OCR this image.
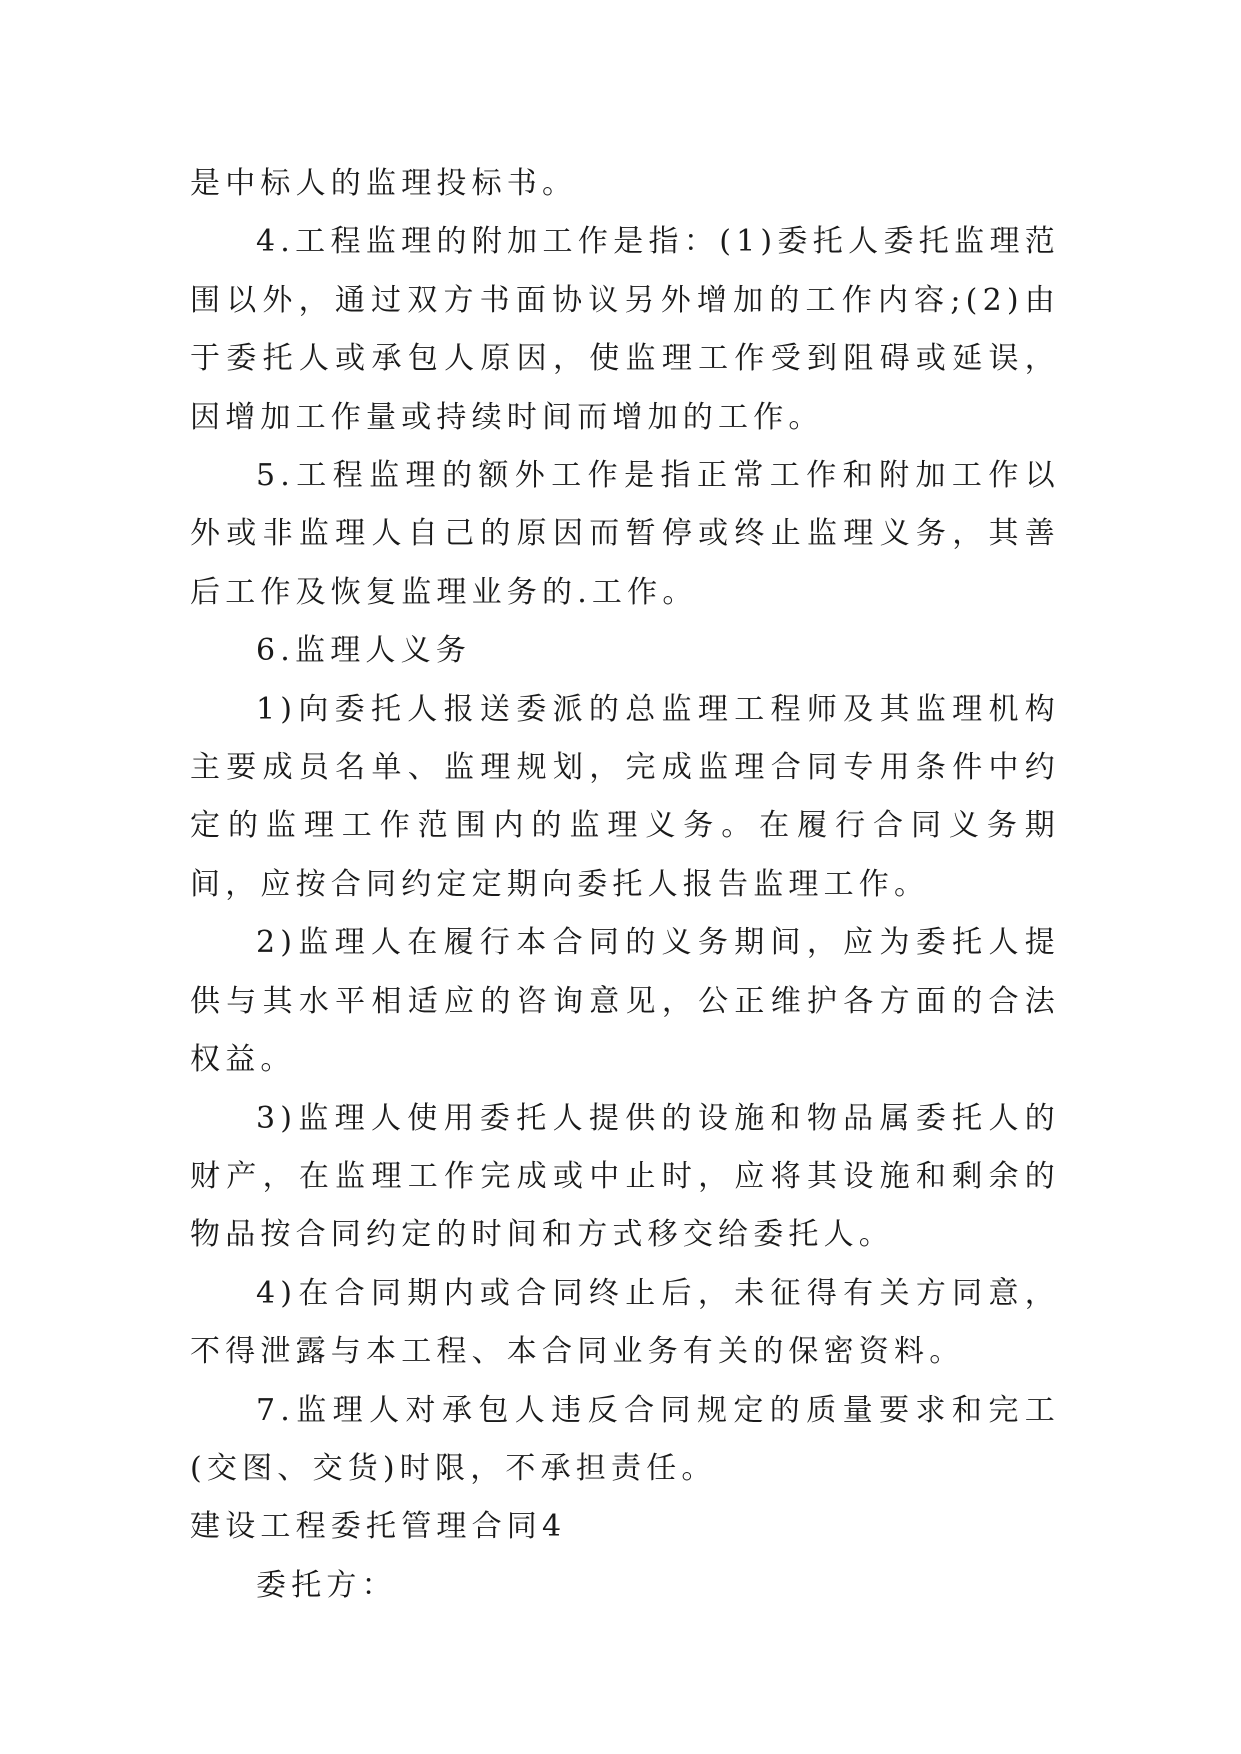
是中标人的监理投标书。

4.工程监理的附加工作是指：(1)委托人委托监理范围以外，通过双方书面协议另外增加的工作内容;(2)由于委托人或承包人原因，使监理工作受到阻碍或延误，因增加工作量或持续时间而增加的工作。

5.工程监理的额外工作是指正常工作和附加工作以外或非监理人自己的原因而暂停或终止监理义务，其善后工作及恢复监理业务的.工作。

6.监理人义务

1)向委托人报送委派的总监理工程师及其监理机构主要成员名单、监理规划，完成监理合同专用条件中约定的监理工作范围内的监理义务。在履行合同义务期间，应按合同约定定期向委托人报告监理工作。

2)监理人在履行本合同的义务期间，应为委托人提供与其水平相适应的咨询意见，公正维护各方面的合法权益。

3)监理人使用委托人提供的设施和物品属委托人的财产，在监理工作完成或中止时，应将其设施和剩余的物品按合同约定的时间和方式移交给委托人。

4)在合同期内或合同终止后，未征得有关方同意，不得泄露与本工程、本合同业务有关的保密资料。

7.监理人对承包人违反合同规定的质量要求和完工(交图、交货)时限，不承担责任。

建设工程委托管理合同4

委托方：
